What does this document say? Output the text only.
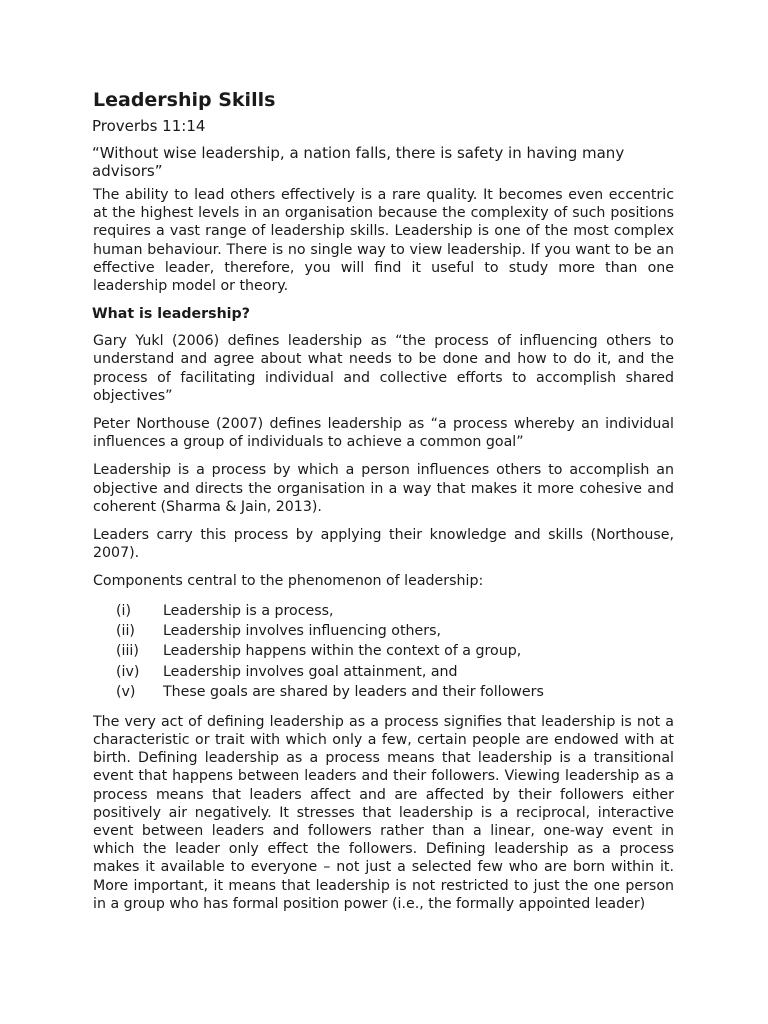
Leadership Skills
Proverbs 11:14
“Without wise leadership, a nation falls, there is safety in having many advisors”

The ability to lead others effectively is a rare quality. It becomes even eccentric at the highest levels in an organisation because the complexity of such positions requires a vast range of leadership skills. Leadership is one of the most complex human behaviour. There is no single way to view leadership. If you want to be an effective leader, therefore, you will find it useful to study more than one leadership model or theory.

What is leadership?

Gary Yukl (2006) defines leadership as “the process of influencing others to understand and agree about what needs to be done and how to do it, and the process of facilitating individual and collective efforts to accomplish shared objectives”

Peter Northouse (2007) defines leadership as “a process whereby an individual influences a group of individuals to achieve a common goal”

Leadership is a process by which a person influences others to accomplish an objective and directs the organisation in a way that makes it more cohesive and coherent (Sharma & Jain, 2013).

Leaders carry this process by applying their knowledge and skills (Northouse, 2007).

Components central to the phenomenon of leadership:

(i)	Leadership is a process,
(ii)	Leadership involves influencing others,
(iii)	Leadership happens within the context of a group,
(iv)	Leadership involves goal attainment, and
(v)	These goals are shared by leaders and their followers

The very act of defining leadership as a process signifies that leadership is not a characteristic or trait with which only a few, certain people are endowed with at birth. Defining leadership as a process means that leadership is a transitional event that happens between leaders and their followers. Viewing leadership as a process means that leaders affect and are affected by their followers either positively air negatively. It stresses that leadership is a reciprocal, interactive event between leaders and followers rather than a linear, one-way event in which the leader only effect the followers. Defining leadership as a process makes it available to everyone – not just a selected few who are born within it. More important, it means that leadership is not restricted to just the one person in a group who has formal position power (i.e., the formally appointed leader)
